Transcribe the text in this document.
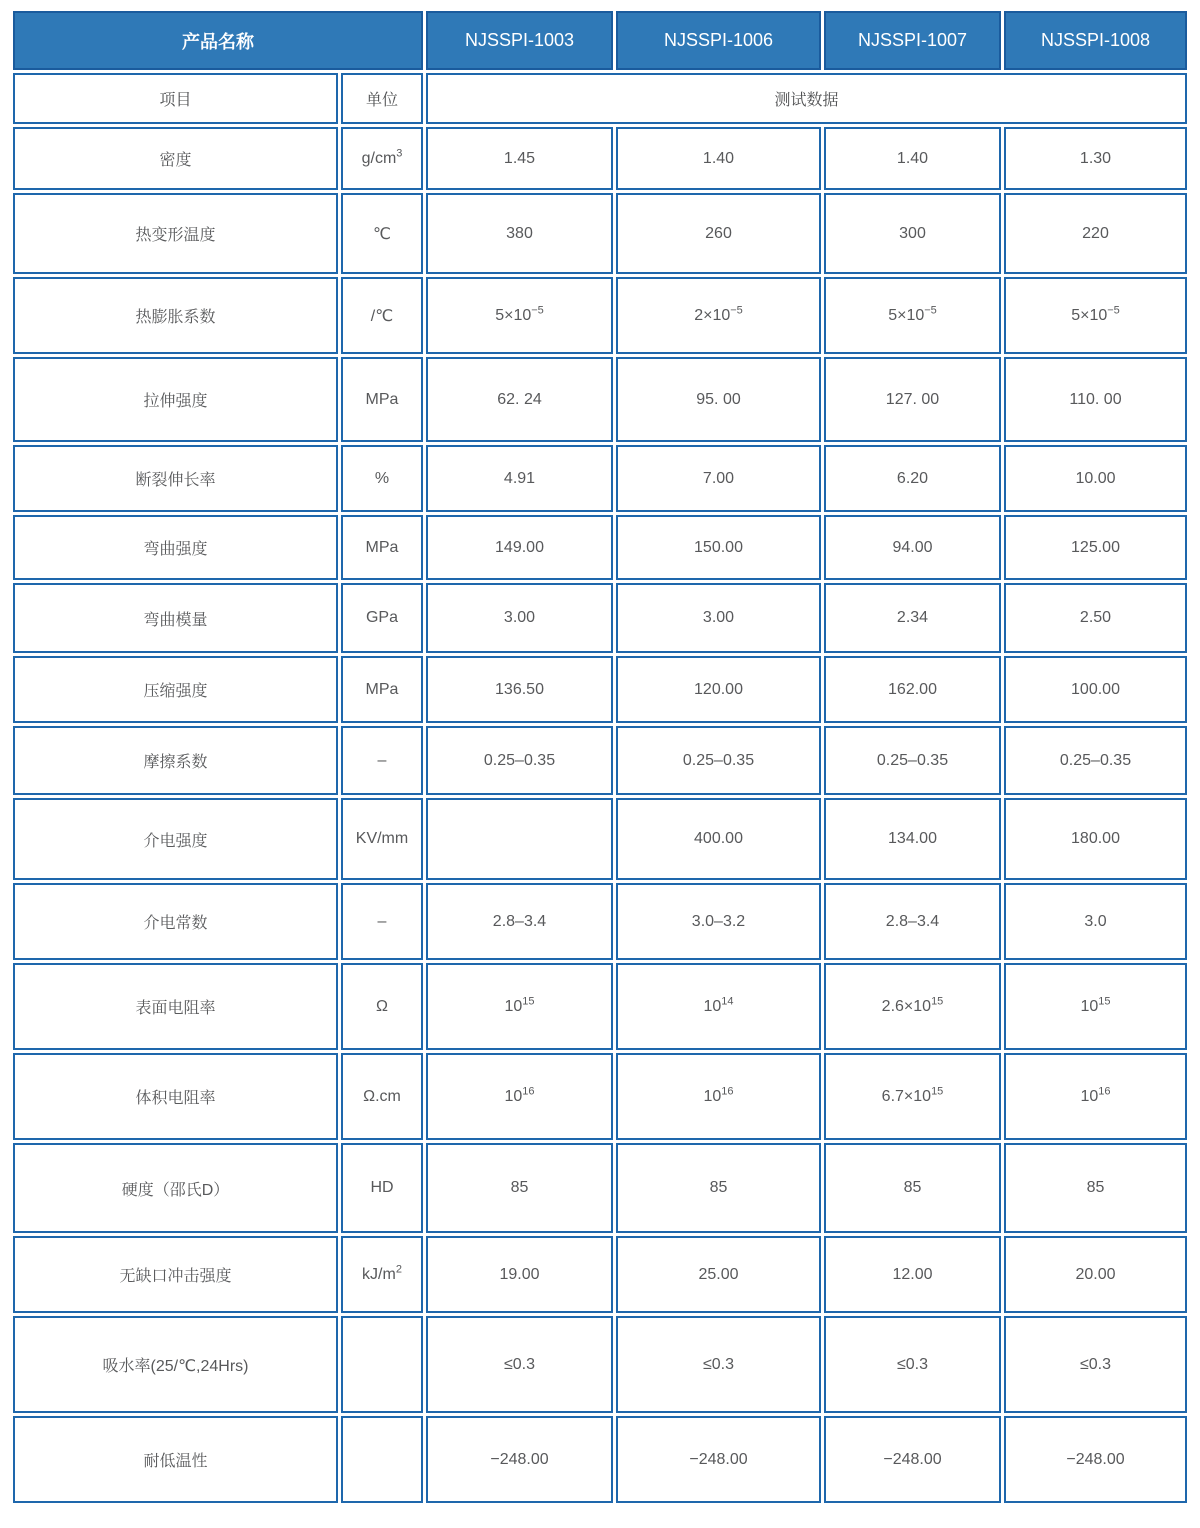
产品名称		NJSSPI-1003	NJSSPI-1006	NJSSPI-1007	NJSSPI-1008
项目	单位	测试数据			
密度	$g/cm^3$	1.45	1.40	1.40	1.30
热变形温度	℃	380	260	300	220
热膨胀系数	/℃	$5\times 10^{-5}$	$2\times 10^{-5}$	$5\times 10^{-5}$	$5\times 10^{-5}$
拉伸强度	MPa	62. 24	95. 00	127. 00	110. 00
断裂伸长率	%	4.91	7.00	6.20	10.00
弯曲强度	MPa	149.00	150.00	94.00	125.00
弯曲模量	GPa	3.00	3.00	2.34	2.50
压缩强度	MPa	136.50	120.00	162.00	100.00
摩擦系数	–	0.25–0.35	0.25–0.35	0.25–0.35	0.25–0.35
介电强度	KV/mm		400.00	134.00	180.00
介电常数	–	2.8–3.4	3.0–3.2	2.8–3.4	3.0
表面电阻率	Ω	$10^{15}$	$10^{14}$	$2.6\times 10^{15}$	$10^{15}$
体积电阻率	Ω.cm	$10^{16}$	$10^{16}$	$6.7\times 10^{15}$	$10^{16}$
硬度（邵氏D）	HD	85	85	85	85
无缺口冲击强度	$kJ/m^2$	19.00	25.00	12.00	20.00
吸水率(25/℃,24Hrs)		≤0.3	≤0.3	≤0.3	≤0.3
耐低温性		−248.00	−248.00	−248.00	−248.00
